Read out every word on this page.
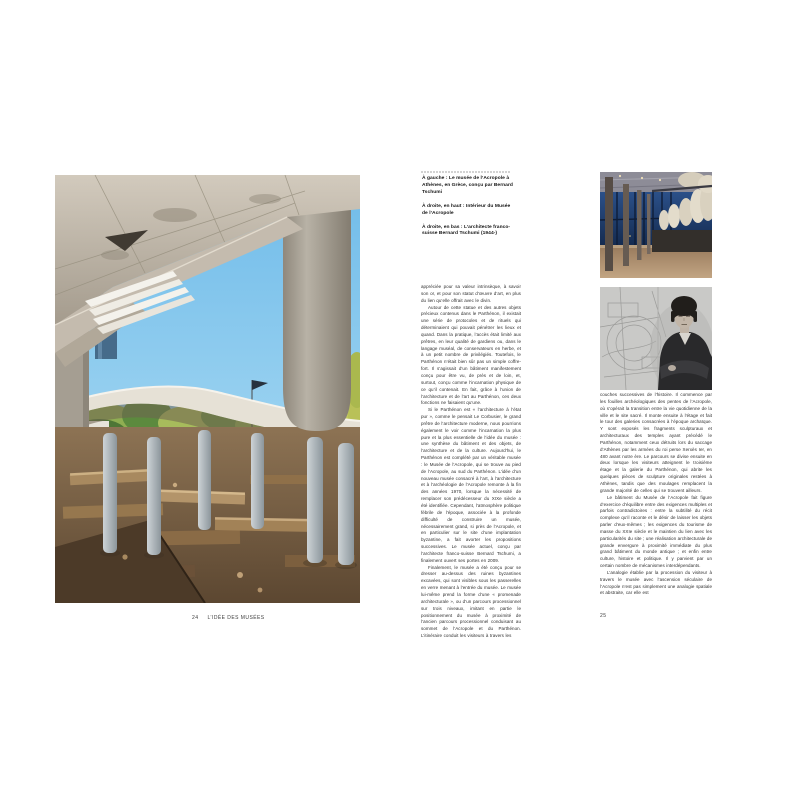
24 L’IDÉE DES MUSÉES

À gauche : Le musée de l’Acropole à Athènes, en Grèce, conçu par Bernard Tschumi

À droite, en haut : Intérieur du Musée de l’Acropole

À droite, en bas : L’architecte franco-suisse Bernard Tschumi (1944-)

appréciée pour sa valeur intrinsèque, à savoir son or, et pour son statut d’œuvre d’art, en plus du lien qu’elle offrait avec le divin.

Autour de cette statue et des autres objets précieux contenus dans le Parthénon, il existait une série de protocoles et de rituels qui déterminaient qui pouvait pénétrer les lieux et quand. Dans la pratique, l’accès était limité aux prêtres, en leur qualité de gardiens ou, dans le langage muséal, de conservateurs en herbe, et à un petit nombre de privilégiés. Toutefois, le Parthénon n’était bien sûr pas un simple coffre-fort. Il s’agissait d’un bâtiment manifestement conçu pour être vu, de près et de loin, et, surtout, conçu comme l’incarnation physique de ce qu’il contenait. En fait, grâce à l’union de l’architecture et de l’art au Parthénon, ces deux fonctions ne faisaient qu’une.

Si le Parthénon est « l’architecture à l’état pur », comme le pensait Le Corbusier, le grand prêtre de l’architecture moderne, nous pourrions également le voir comme l’incarnation la plus pure et la plus essentielle de l’idée du musée : une synthèse du bâtiment et des objets, de l’architecture et de la culture. Aujourd’hui, le Parthénon est complété par un véritable musée : le Musée de l’Acropole, qui se trouve au pied de l’Acropole, au sud du Parthénon. L’idée d’un nouveau musée consacré à l’art, à l’architecture et à l’archéologie de l’Acropole remonte à la fin des années 1970, lorsque la nécessité de remplacer son prédécesseur du XIXe siècle a été identifiée. Cependant, l’atmosphère politique fébrile de l’époque, associée à la profonde difficulté de construire un musée, nécessairement grand, si près de l’Acropole, et en particulier sur le site d’une implantation byzantine, a fait avorter les propositions successives. Le musée actuel, conçu par l’architecte franco-suisse Bernard Tschumi, a finalement ouvert ses portes en 2009.

Finalement, le musée a été conçu pour se dresser au-dessus des ruines byzantines excavées, qui sont visibles sous les passerelles en verre menant à l’entrée du musée. Le musée lui-même prend la forme d’une « promenade architecturale », ou d’un parcours processionnel sur trois niveaux, imitant en partie le positionnement du musée à proximité de l’ancien parcours processionnel conduisant au sommet de l’Acropole et du Parthénon. L’itinéraire conduit les visiteurs à travers les

couches successives de l’histoire. Il commence par les fouilles archéologiques des pentes de l’Acropole, où s’opérait la transition entre la vie quotidienne de la ville et le site sacré. Il monte ensuite à l’étage et fait le tour des galeries consacrées à l’époque archaïque. Y sont exposés les fragments sculpturaux et architecturaux des temples ayant précédé le Parthénon, notamment ceux détruits lors du saccage d’Athènes par les armées du roi perse Xerxès Ier, en 480 avant notre ère. Le parcours se divise ensuite en deux lorsque les visiteurs atteignent le troisième étage et la galerie du Parthénon, qui abrite les quelques pièces de sculpture originales restées à Athènes, tandis que des moulages remplacent la grande majorité de celles qui se trouvent ailleurs.

Le bâtiment du Musée de l’Acropole fait figure d’exercice d’équilibre entre des exigences multiples et parfois contradictoires : entre la subtilité du récit complexe qu’il raconte et le désir de laisser les objets parler d’eux-mêmes ; les exigences du tourisme de masse du XXIe siècle et le maintien du lien avec les particularités du site ; une réalisation architecturale de grande envergure à proximité immédiate du plus grand bâtiment du monde antique ; et enfin entre culture, histoire et politique. Il y parvient par un certain nombre de mécanismes interdépendants.

L’analogie établie par la procession du visiteur à travers le musée avec l’ascension séculaire de l’Acropole n’est pas simplement une analogie spatiale et abstraite, car elle est

25
